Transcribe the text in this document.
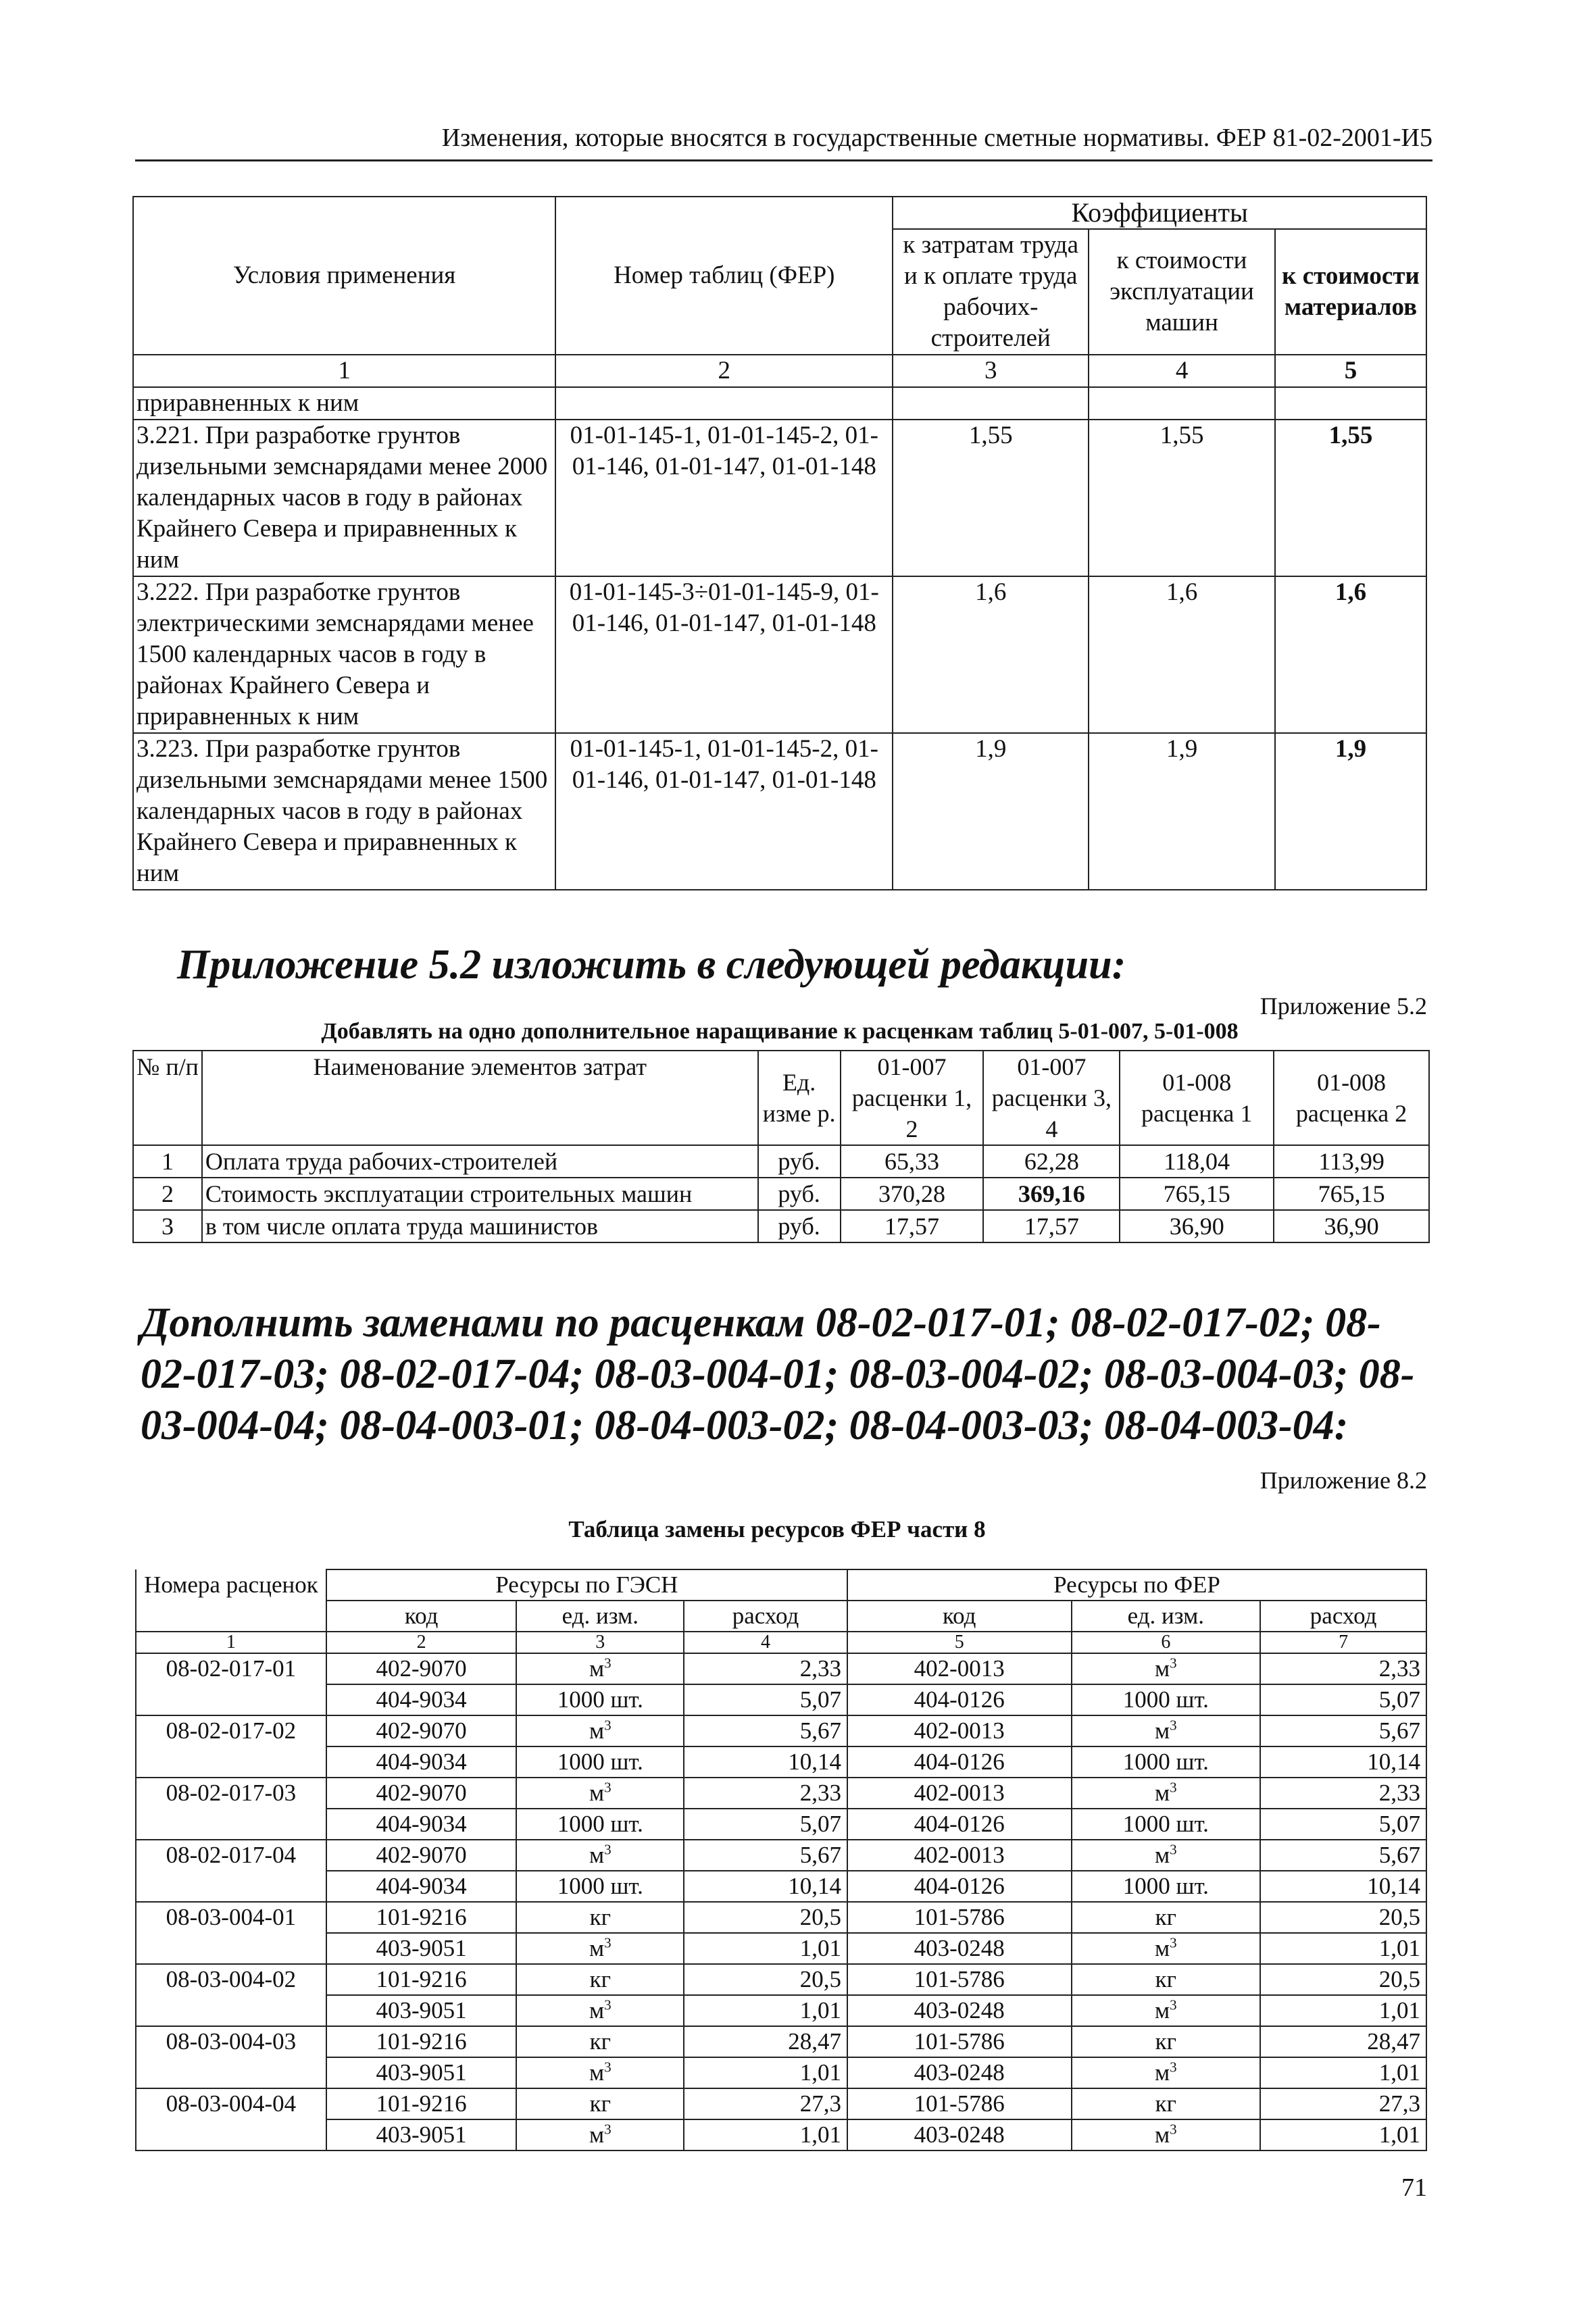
Изменения, которые вносятся в государственные сметные нормативы. ФЕР 81-02-2001-И5
Условия применения	Номер таблиц (ФЕР)	Коэффициенты		
		к затратам труда и к оплате труда рабочих-строителей	к стоимости эксплуатации машин	к стоимости материалов
1	2	3	4	5
приравненных к ним				
3.221. При разработке грунтов дизельными земснарядами менее 2000 календарных часов в году в районах Крайнего Севера и приравненных к ним	01-01-145-1, 01-01-145-2, 01-01-146, 01-01-147, 01-01-148	1,55	1,55	1,55
3.222. При разработке грунтов электрическими земснарядами менее 1500 календарных часов в году в районах Крайнего Севера и приравненных к ним	01-01-145-3÷01-01-145-9, 01-01-146, 01-01-147, 01-01-148	1,6	1,6	1,6
3.223. При разработке грунтов дизельными земснарядами менее 1500 календарных часов в году в районах Крайнего Севера и приравненных к ним	01-01-145-1, 01-01-145-2, 01-01-146, 01-01-147, 01-01-148	1,9	1,9	1,9
Приложение 5.2 изложить в следующей редакции:
Приложение 5.2
Добавлять на одно дополнительное наращивание к расценкам таблиц 5-01-007, 5-01-008
№ п/п	Наименование элементов затрат	Ед. изме р.	01-007 расценки 1, 2	01-007 расценки 3, 4	01-008 расценка 1	01-008 расценка 2
1	Оплата труда рабочих-строителей	руб.	65,33	62,28	118,04	113,99
2	Стоимость эксплуатации строительных машин	руб.	370,28	369,16	765,15	765,15
3	в том числе оплата труда машинистов	руб.	17,57	17,57	36,90	36,90
Дополнить заменами по расценкам 08-02-017-01; 08-02-017-02; 08-02-017-03; 08-02-017-04; 08-03-004-01; 08-03-004-02; 08-03-004-03; 08-03-004-04; 08-04-003-01; 08-04-003-02; 08-04-003-03; 08-04-003-04:
Приложение 8.2
Таблица замены ресурсов ФЕР части 8
Номера расценок	Ресурсы по ГЭСН			Ресурсы по ФЕР		
	код	ед. изм.	расход	код	ед. изм.	расход
1	2	3	4	5	6	7
08-02-017-01	402-9070	$м^3$	2,33	402-0013	$м^3$	2,33
	404-9034	1000 шт.	5,07	404-0126	1000 шт.	5,07
08-02-017-02	402-9070	$м^3$	5,67	402-0013	$м^3$	5,67
	404-9034	1000 шт.	10,14	404-0126	1000 шт.	10,14
08-02-017-03	402-9070	$м^3$	2,33	402-0013	$м^3$	2,33
	404-9034	1000 шт.	5,07	404-0126	1000 шт.	5,07
08-02-017-04	402-9070	$м^3$	5,67	402-0013	$м^3$	5,67
	404-9034	1000 шт.	10,14	404-0126	1000 шт.	10,14
08-03-004-01	101-9216	кг	20,5	101-5786	кг	20,5
	403-9051	$м^3$	1,01	403-0248	$м^3$	1,01
08-03-004-02	101-9216	кг	20,5	101-5786	кг	20,5
	403-9051	$м^3$	1,01	403-0248	$м^3$	1,01
08-03-004-03	101-9216	кг	28,47	101-5786	кг	28,47
	403-9051	$м^3$	1,01	403-0248	$м^3$	1,01
08-03-004-04	101-9216	кг	27,3	101-5786	кг	27,3
	403-9051	$м^3$	1,01	403-0248	$м^3$	1,01
71
